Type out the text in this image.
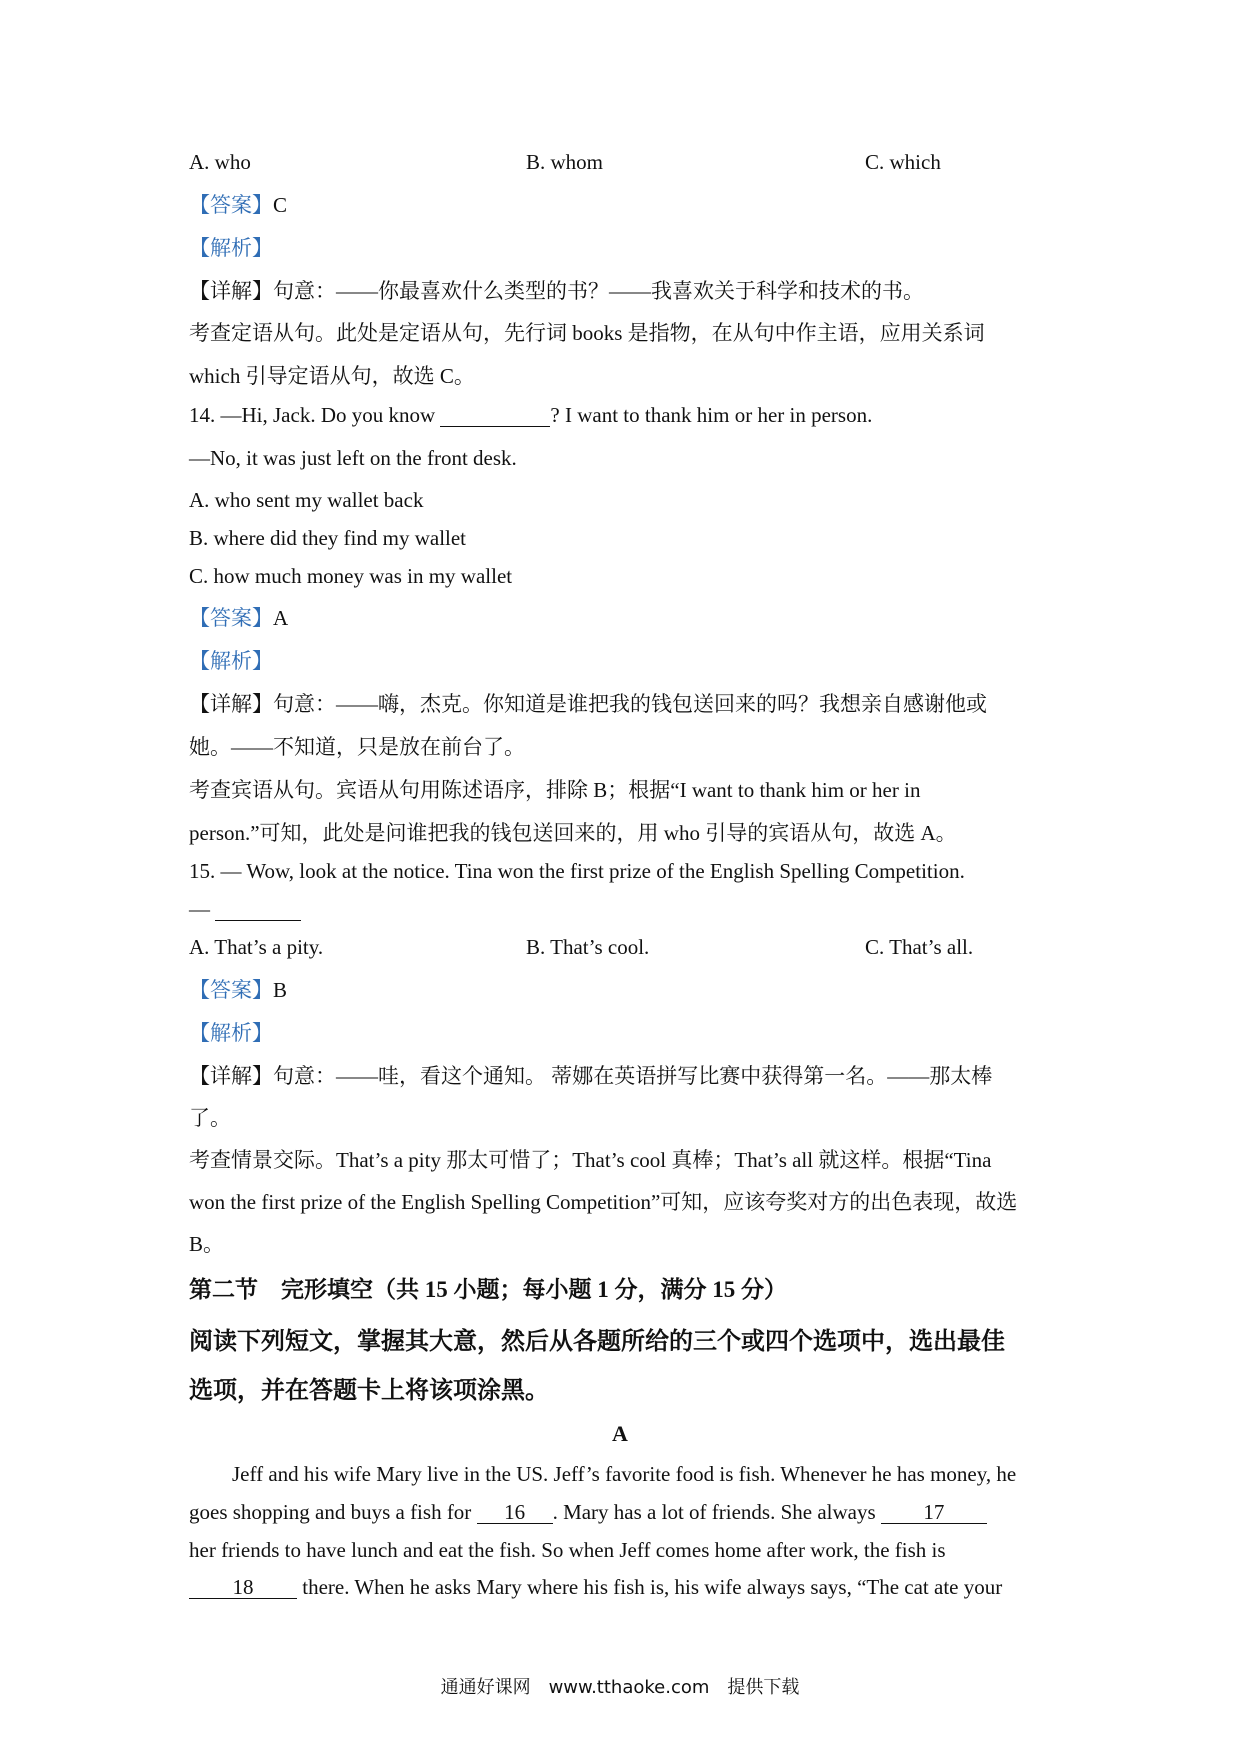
A. who	B. whom	C. which
【答案】C
【解析】
【详解】句意：——你最喜欢什么类型的书？——我喜欢关于科学和技术的书。
考查定语从句。此处是定语从句，先行词 books 是指物，在从句中作主语，应用关系词
which 引导定语从句，故选 C。
14. —Hi, Jack. Do you know	? I want to thank him or her in person.
—No, it was just left on the front desk.
A. who sent my wallet back
B. where did they find my wallet
C. how much money was in my wallet
【答案】A
【解析】
【详解】句意：——嗨，杰克。你知道是谁把我的钱包送回来的吗？我想亲自感谢他或
她。——不知道，只是放在前台了。
考查宾语从句。宾语从句用陈述语序，排除 B；根据“I want to thank him or her in
person.”可知，此处是问谁把我的钱包送回来的，用 who 引导的宾语从句，故选 A。
15. — Wow, look at the notice. Tina won the first prize of the English Spelling Competition.
—
A. That’s a pity.	B. That’s cool.	C. That’s all.
【答案】B
【解析】
【详解】句意：——哇，看这个通知。 蒂娜在英语拼写比赛中获得第一名。——那太棒
了。
考查情景交际。That’s a pity 那太可惜了；That’s cool 真棒；That’s all 就这样。根据“Tina
won the first prize of the English Spelling Competition”可知，应该夸奖对方的出色表现，故选
B。
第二节　完形填空（共 15 小题；每小题 1 分，满分 15 分）
阅读下列短文，掌握其大意，然后从各题所给的三个或四个选项中，选出最佳
选项，并在答题卡上将该项涂黑。
A
Jeff and his wife Mary live in the US. Jeff’s favorite food is fish. Whenever he has money, he
goes shopping and buys a fish for 16 . Mary has a lot of friends. She always 17
her friends to have lunch and eat the fish. So when Jeff comes home after work, the fish is
18 there. When he asks Mary where his fish is, his wife always says, “The cat ate your
通通好课网　www.tthaoke.com　提供下载
